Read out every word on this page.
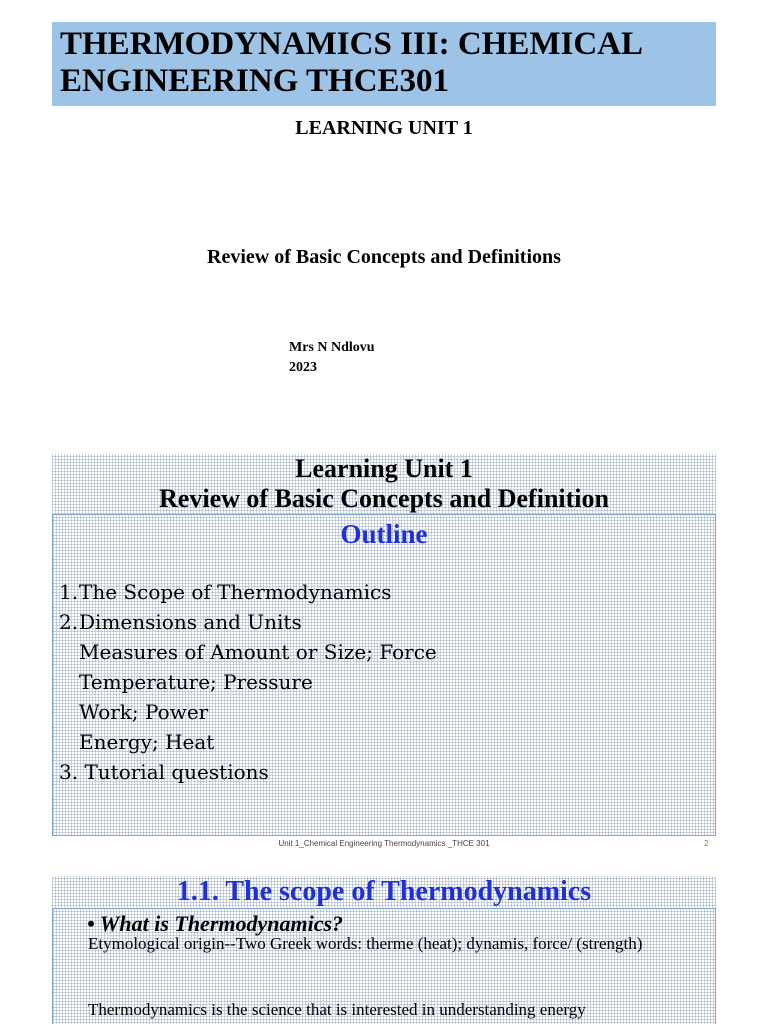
THERMODYNAMICS III: CHEMICAL
ENGINEERING THCE301
LEARNING UNIT 1
Review of Basic Concepts and Definitions
Mrs N Ndlovu
2023
Learning Unit 1
Review of Basic Concepts and Definition
Outline
1.The Scope of Thermodynamics
2.Dimensions and Units
Measures of Amount or Size; Force
Temperature; Pressure
Work; Power
Energy; Heat
3. Tutorial questions
Unit 1_Chemical Engineering Thermodynamics _THCE 301	2
1.1. The scope of Thermodynamics
• What is Thermodynamics?
Etymological origin--Two Greek words: therme (heat); dynamis, force/ (strength)
Thermodynamics is the science that is interested in understanding energy
